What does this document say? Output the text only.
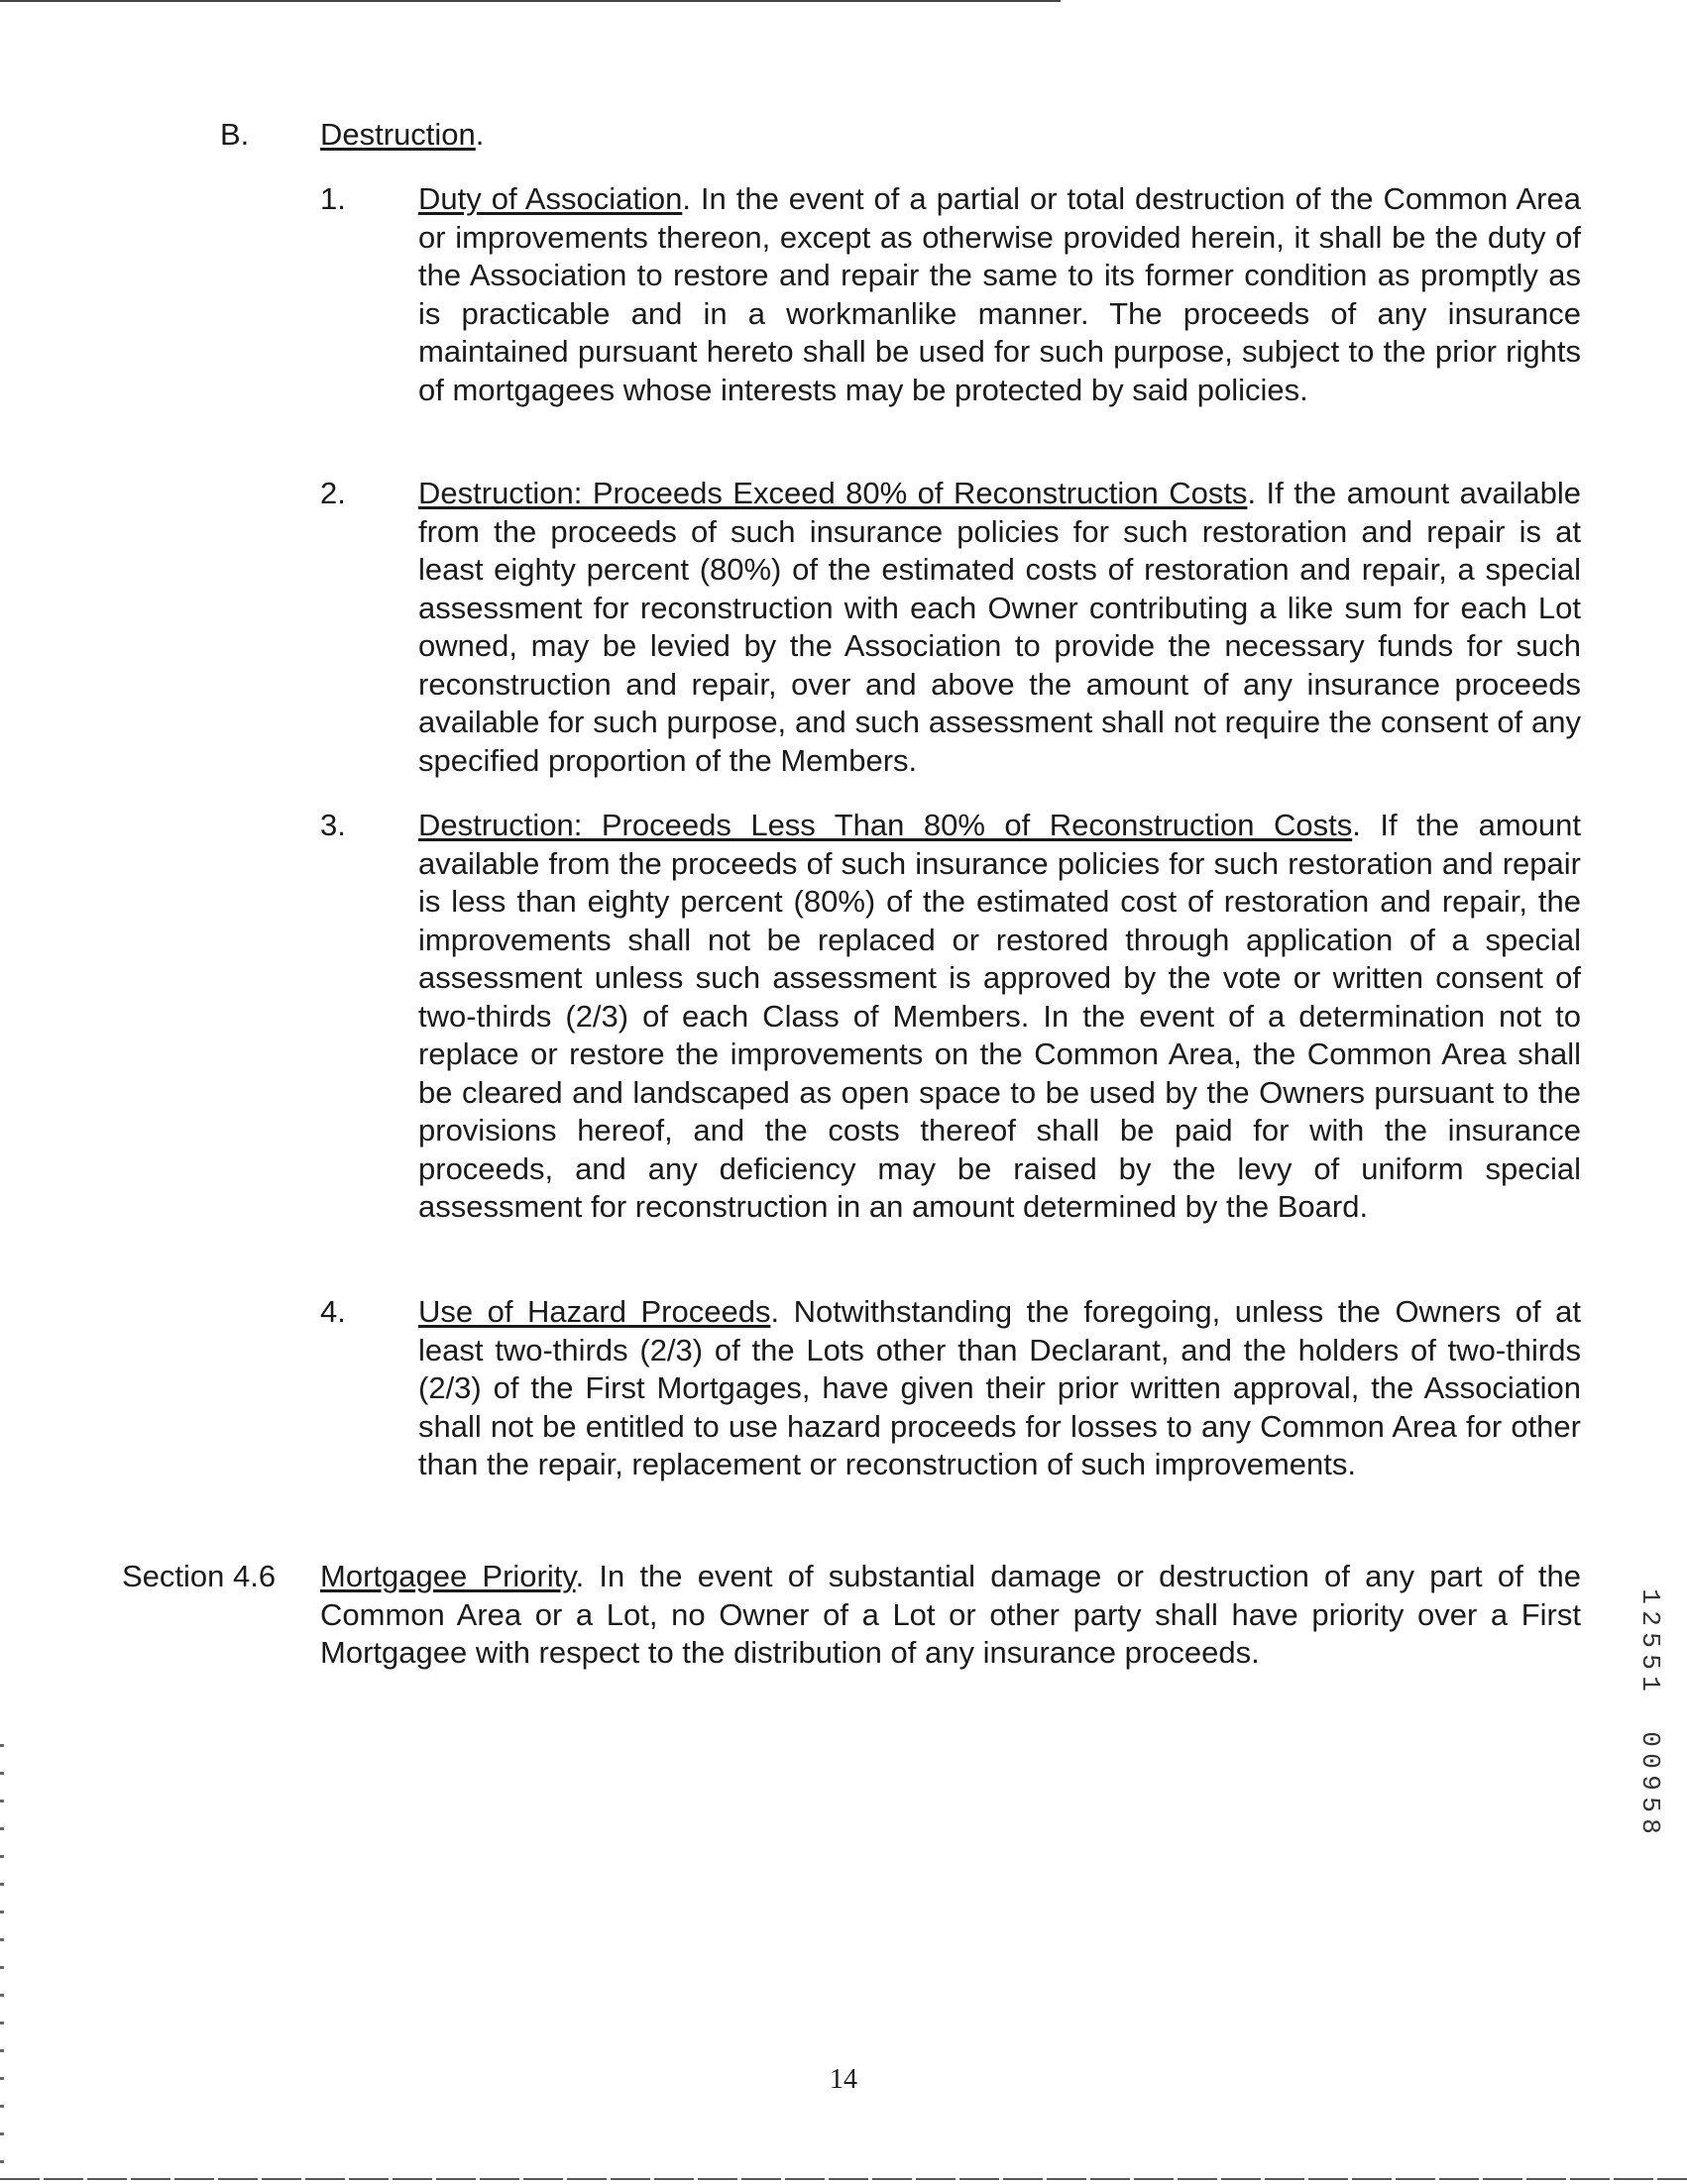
B. Destruction.
1. Duty of Association. In the event of a partial or total destruction of the Common Area or improvements thereon, except as otherwise provided herein, it shall be the duty of the Association to restore and repair the same to its former condition as promptly as is practicable and in a workmanlike manner. The proceeds of any insurance maintained pursuant hereto shall be used for such purpose, subject to the prior rights of mortgagees whose interests may be protected by said policies.
2. Destruction: Proceeds Exceed 80% of Reconstruction Costs. If the amount available from the proceeds of such insurance policies for such restoration and repair is at least eighty percent (80%) of the estimated costs of restoration and repair, a special assessment for reconstruction with each Owner contributing a like sum for each Lot owned, may be levied by the Association to provide the necessary funds for such reconstruction and repair, over and above the amount of any insurance proceeds available for such purpose, and such assessment shall not require the consent of any specified proportion of the Members.
3. Destruction: Proceeds Less Than 80% of Reconstruction Costs. If the amount available from the proceeds of such insurance policies for such restoration and repair is less than eighty percent (80%) of the estimated cost of restoration and repair, the improvements shall not be replaced or restored through application of a special assessment unless such assessment is approved by the vote or written consent of two-thirds (2/3) of each Class of Members. In the event of a determination not to replace or restore the improvements on the Common Area, the Common Area shall be cleared and landscaped as open space to be used by the Owners pursuant to the provisions hereof, and the costs thereof shall be paid for with the insurance proceeds, and any deficiency may be raised by the levy of uniform special assessment for reconstruction in an amount determined by the Board.
4. Use of Hazard Proceeds. Notwithstanding the foregoing, unless the Owners of at least two-thirds (2/3) of the Lots other than Declarant, and the holders of two-thirds (2/3) of the First Mortgages, have given their prior written approval, the Association shall not be entitled to use hazard proceeds for losses to any Common Area for other than the repair, replacement or reconstruction of such improvements.
Section 4.6 Mortgagee Priority. In the event of substantial damage or destruction of any part of the Common Area or a Lot, no Owner of a Lot or other party shall have priority over a First Mortgagee with respect to the distribution of any insurance proceeds.
1
2
5
5
1
0
0
9
5
8
14
